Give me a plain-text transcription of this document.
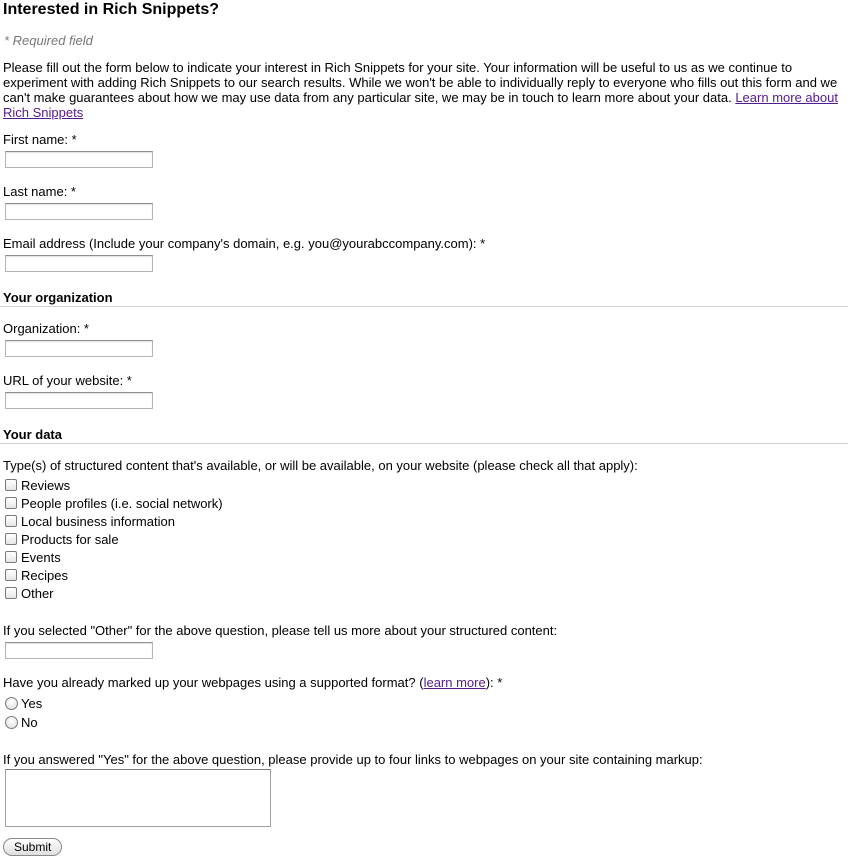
Interested in Rich Snippets?
* Required field
Please fill out the form below to indicate your interest in Rich Snippets for your site. Your information will be useful to us as we continue to experiment with adding Rich Snippets to our search results. While we won't be able to individually reply to everyone who fills out this form and we can't make guarantees about how we may use data from any particular site, we may be in touch to learn more about your data. Learn more about Rich Snippets
First name: *
Last name: *
Email address (Include your company's domain, e.g. you@yourabccompany.com): *
Your organization
Organization: *
URL of your website: *
Your data
Type(s) of structured content that's available, or will be available, on your website (please check all that apply):
Reviews
People profiles (i.e. social network)
Local business information
Products for sale
Events
Recipes
Other
If you selected "Other" for the above question, please tell us more about your structured content:
Have you already marked up your webpages using a supported format? (learn more): *
Yes
No
If you answered "Yes" for the above question, please provide up to four links to webpages on your site containing markup:
Submit
